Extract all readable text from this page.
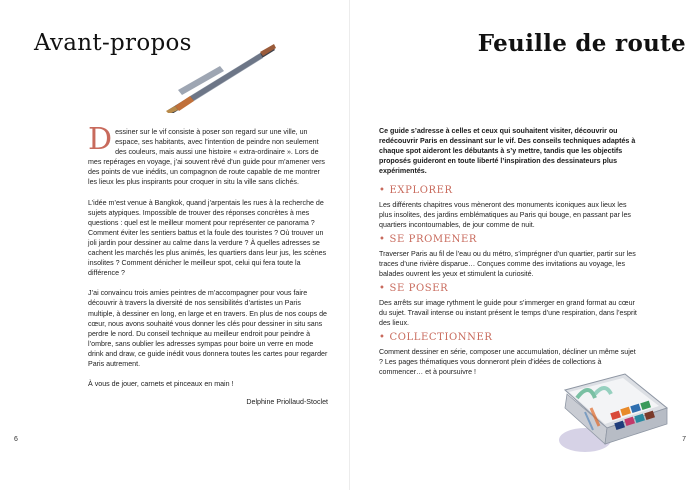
Avant-propos

Dessiner sur le vif consiste à poser son regard sur une ville, un espace, ses habitants, avec l’intention de peindre non seulement des couleurs, mais aussi une histoire « extra-ordinaire ». Lors de mes repérages en voyage, j’ai souvent rêvé d’un guide pour m’amener vers des points de vue inédits, un compagnon de route capable de me montrer les lieux les plus inspirants pour croquer in situ la ville sans clichés.

L’idée m’est venue à Bangkok, quand j’arpentais les rues à la recherche de sujets atypiques. Impossible de trouver des réponses concrètes à mes questions : quel est le meilleur moment pour représenter ce panorama ? Comment éviter les sentiers battus et la foule des touristes ? Où trouver un joli jardin pour dessiner au calme dans la verdure ? À quelles adresses se cachent les marchés les plus animés, les quartiers dans leur jus, les scènes insolites ? Comment dénicher le meilleur spot, celui qui fera toute la différence ?

J’ai convaincu trois amies peintres de m’accompagner pour vous faire découvrir à travers la diversité de nos sensibilités d’artistes un Paris multiple, à dessiner en long, en large et en travers. En plus de nos coups de cœur, nous avons souhaité vous donner les clés pour dessiner in situ sans perdre le nord. Du conseil technique au meilleur endroit pour peindre à l’ombre, sans oublier les adresses sympas pour boire un verre en mode drink and draw, ce guide inédit vous donnera toutes les cartes pour regarder Paris autrement.

À vous de jouer, carnets et pinceaux en main !

Delphine Priollaud-Stoclet

6
Feuille de route

Ce guide s’adresse à celles et ceux qui souhaitent visiter, découvrir ou redécouvrir Paris en dessinant sur le vif. Des conseils techniques adaptés à chaque spot aideront les débutants à s’y mettre, tandis que les objectifs proposés guideront en toute liberté l’inspiration des dessinateurs plus expérimentés.

• EXPLORER

Les différents chapitres vous mèneront des monuments iconiques aux lieux les plus insolites, des jardins emblématiques au Paris qui bouge, en passant par les quartiers incontournables, de jour comme de nuit.

• SE PROMENER

Traverser Paris au fil de l’eau ou du métro, s’imprégner d’un quartier, partir sur les traces d’une rivière disparue… Conçues comme des invitations au voyage, les balades ouvrent les yeux et stimulent la curiosité.

• SE POSER

Des arrêts sur image rythment le guide pour s’immerger en grand format au cœur du sujet. Travail intense ou instant présent le temps d’une respiration, dans l’esprit des lieux.

• COLLECTIONNER

Comment dessiner en série, composer une accumulation, décliner un même sujet ? Les pages thématiques vous donneront plein d’idées de collections à commencer… et à poursuivre !

7
